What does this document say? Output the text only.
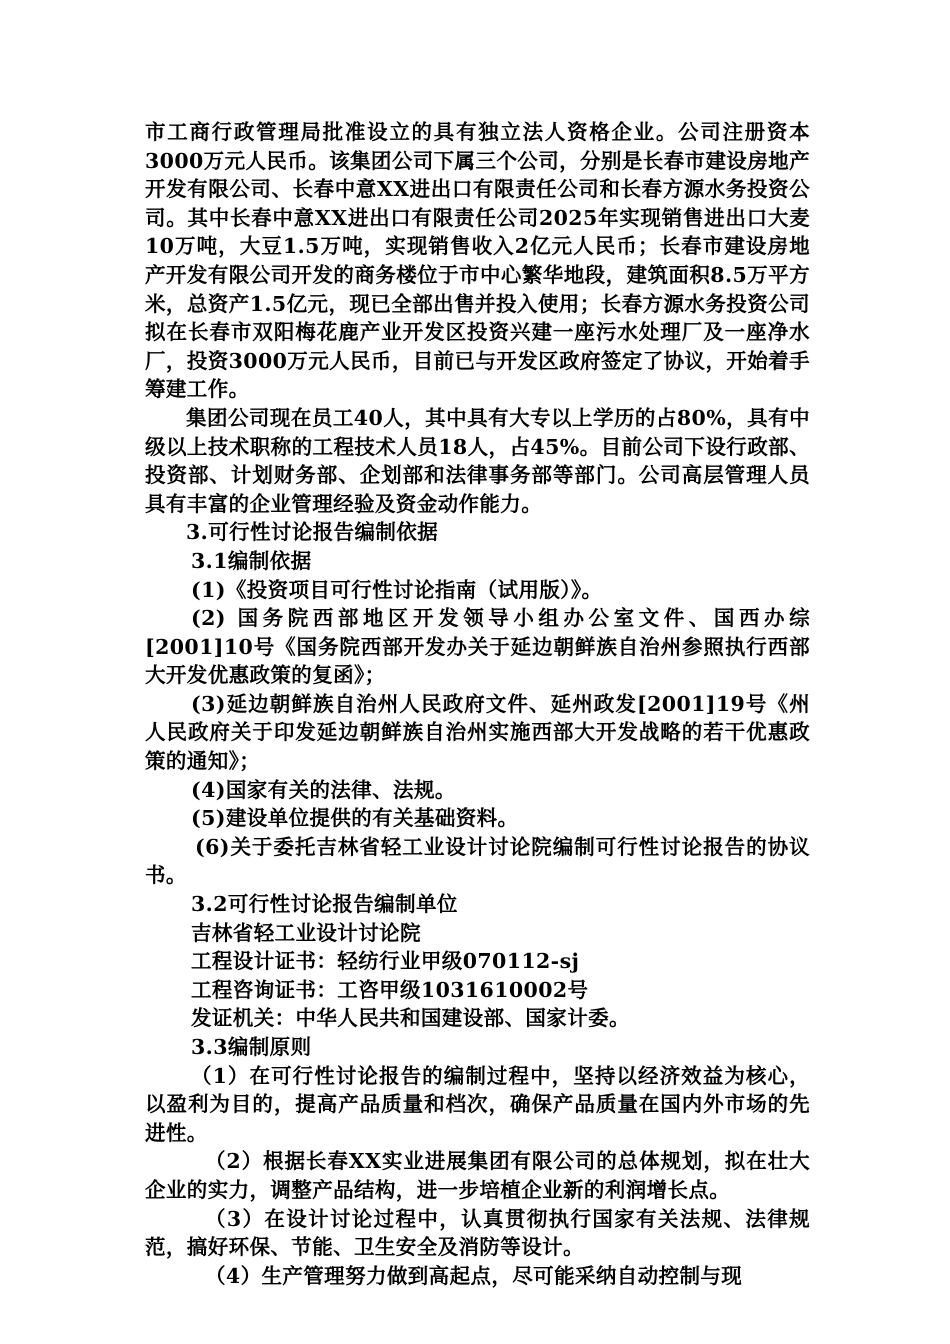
市工商行政管理局批准设立的具有独立法人资格企业。公司注册资本3000万元人民币。该集团公司下属三个公司，分别是长春市建设房地产开发有限公司、长春中意XX进出口有限责任公司和长春方源水务投资公司。其中长春中意XX进出口有限责任公司2025年实现销售进出口大麦10万吨，大豆1.5万吨，实现销售收入2亿元人民币；长春市建设房地产开发有限公司开发的商务楼位于市中心繁华地段，建筑面积8.5万平方米，总资产1.5亿元，现已全部出售并投入使用；长春方源水务投资公司拟在长春市双阳梅花鹿产业开发区投资兴建一座污水处理厂及一座净水厂，投资3000万元人民币，目前已与开发区政府签定了协议，开始着手筹建工作。

集团公司现在员工40人，其中具有大专以上学历的占80%，具有中级以上技术职称的工程技术人员18人，占45%。目前公司下设行政部、投资部、计划财务部、企划部和法律事务部等部门。公司高层管理人员具有丰富的企业管理经验及资金动作能力。

3.可行性讨论报告编制依据

3.1编制依据

(1)《投资项目可行性讨论指南（试用版）》。

(2) 国务院西部地区开发领导小组办公室文件、国西办综[2001]10号《国务院西部开发办关于延边朝鲜族自治州参照执行西部大开发优惠政策的复函》；

(3)延边朝鲜族自治州人民政府文件、延州政发[2001]19号《州人民政府关于印发延边朝鲜族自治州实施西部大开发战略的若干优惠政策的通知》；

(4)国家有关的法律、法规。

(5)建设单位提供的有关基础资料。

(6)关于委托吉林省轻工业设计讨论院编制可行性讨论报告的协议书。

3.2可行性讨论报告编制单位

吉林省轻工业设计讨论院

工程设计证书：轻纺行业甲级070112-sj

工程咨询证书：工咨甲级1031610002号

发证机关：中华人民共和国建设部、国家计委。

3.3编制原则

（1）在可行性讨论报告的编制过程中，坚持以经济效益为核心，以盈利为目的，提高产品质量和档次，确保产品质量在国内外市场的先进性。

（2）根据长春XX实业进展集团有限公司的总体规划，拟在壮大企业的实力，调整产品结构，进一步培植企业新的利润增长点。

（3）在设计讨论过程中，认真贯彻执行国家有关法规、法律规范，搞好环保、节能、卫生安全及消防等设计。

（4）生产管理努力做到高起点，尽可能采纳自动控制与现
